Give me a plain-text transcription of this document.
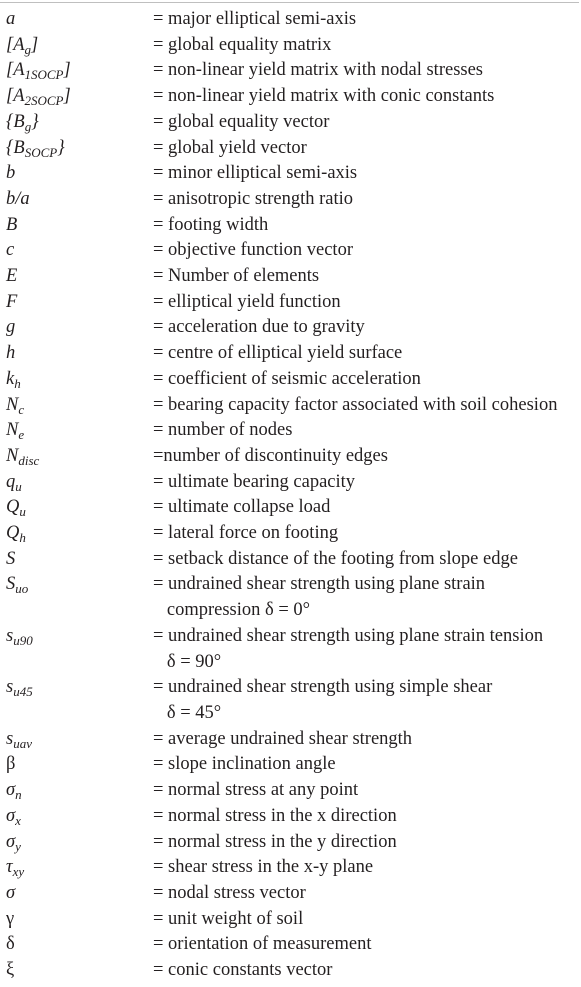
a	= major elliptical semi-axis
$[A_g]$	= global equality matrix
$[A_{1SOCP}]$	= non-linear yield matrix with nodal stresses
$[A_{2SOCP}]$	= non-linear yield matrix with conic constants
$\{B_g\}$	= global equality vector
$\{B_{SOCP}\}$	= global yield vector
b	= minor elliptical semi-axis
b/a	= anisotropic strength ratio
B	= footing width
c	= objective function vector
E	= Number of elements
F	= elliptical yield function
g	= acceleration due to gravity
h	= centre of elliptical yield surface
$k_h$	= coefficient of seismic acceleration
$N_c$	= bearing capacity factor associated with soil cohesion
$N_e$	= number of nodes
$N_{disc}$	=number of discontinuity edges
$q_u$	= ultimate bearing capacity
$Q_u$	= ultimate collapse load
$Q_h$	= lateral force on footing
S	= setback distance of the footing from slope edge
$S_{uo}$	= undrained shear strength using plane strain
compression δ = 0°
$s_{u90}$	= undrained shear strength using plane strain tension
δ = 90°
$s_{u45}$	= undrained shear strength using simple shear
δ = 45°
$s_{uav}$	= average undrained shear strength
β	= slope inclination angle
$\sigma_n$	= normal stress at any point
$\sigma_x$	= normal stress in the x direction
$\sigma_y$	= normal stress in the y direction
$\tau_{xy}$	= shear stress in the x-y plane
σ	= nodal stress vector
γ	= unit weight of soil
δ	= orientation of measurement
ξ	= conic constants vector
